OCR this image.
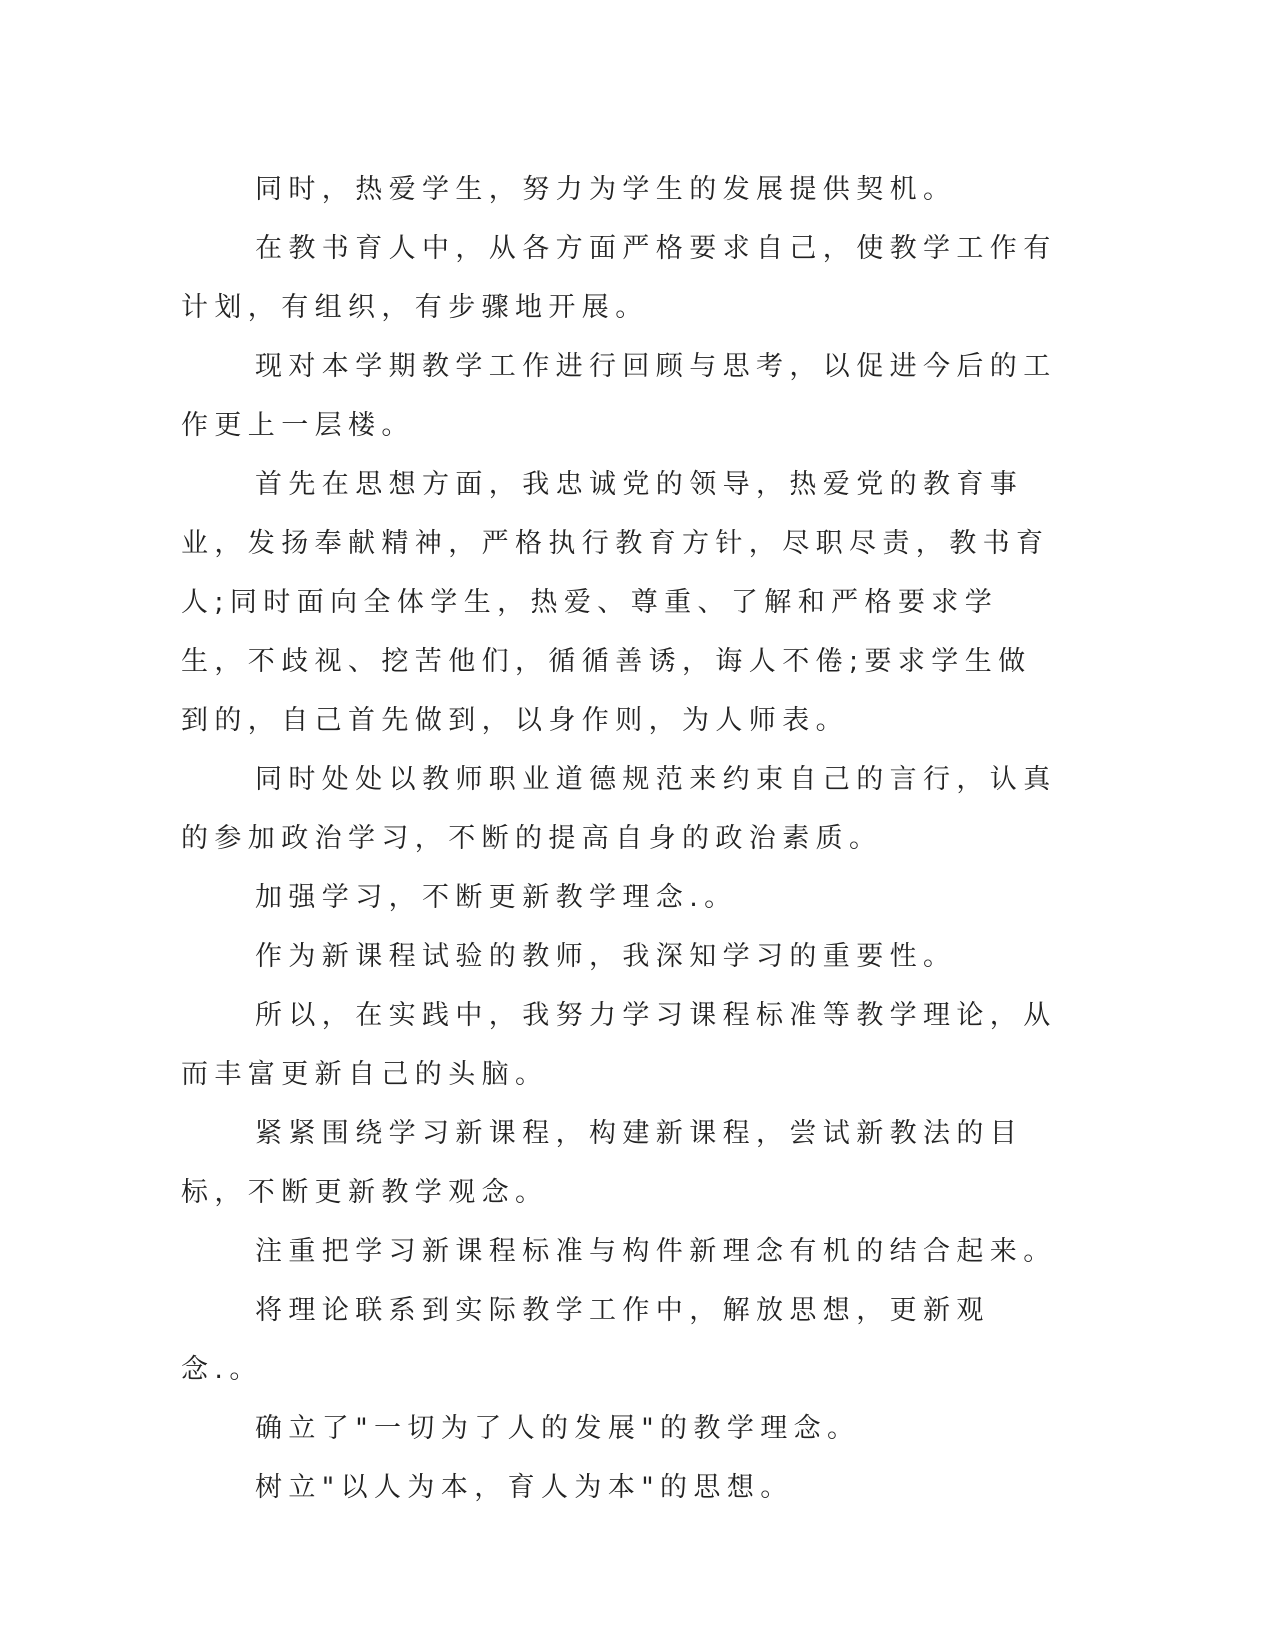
同时，热爱学生，努力为学生的发展提供契机。

在教书育人中，从各方面严格要求自己，使教学工作有计划，有组织，有步骤地开展。

现对本学期教学工作进行回顾与思考，以促进今后的工作更上一层楼。

首先在思想方面，我忠诚党的领导，热爱党的教育事业，发扬奉献精神，严格执行教育方针，尽职尽责，教书育人;同时面向全体学生，热爱、尊重、了解和严格要求学生，不歧视、挖苦他们，循循善诱，诲人不倦;要求学生做到的，自己首先做到，以身作则，为人师表。

同时处处以教师职业道德规范来约束自己的言行，认真的参加政治学习，不断的提高自身的政治素质。

加强学习，不断更新教学理念.。

作为新课程试验的教师，我深知学习的重要性。

所以，在实践中，我努力学习课程标准等教学理论，从而丰富更新自己的头脑。

紧紧围绕学习新课程，构建新课程，尝试新教法的目标，不断更新教学观念。

注重把学习新课程标准与构件新理念有机的结合起来。

将理论联系到实际教学工作中，解放思想，更新观念.。

确立了"一切为了人的发展"的教学理念。

树立"以人为本，育人为本"的思想。
